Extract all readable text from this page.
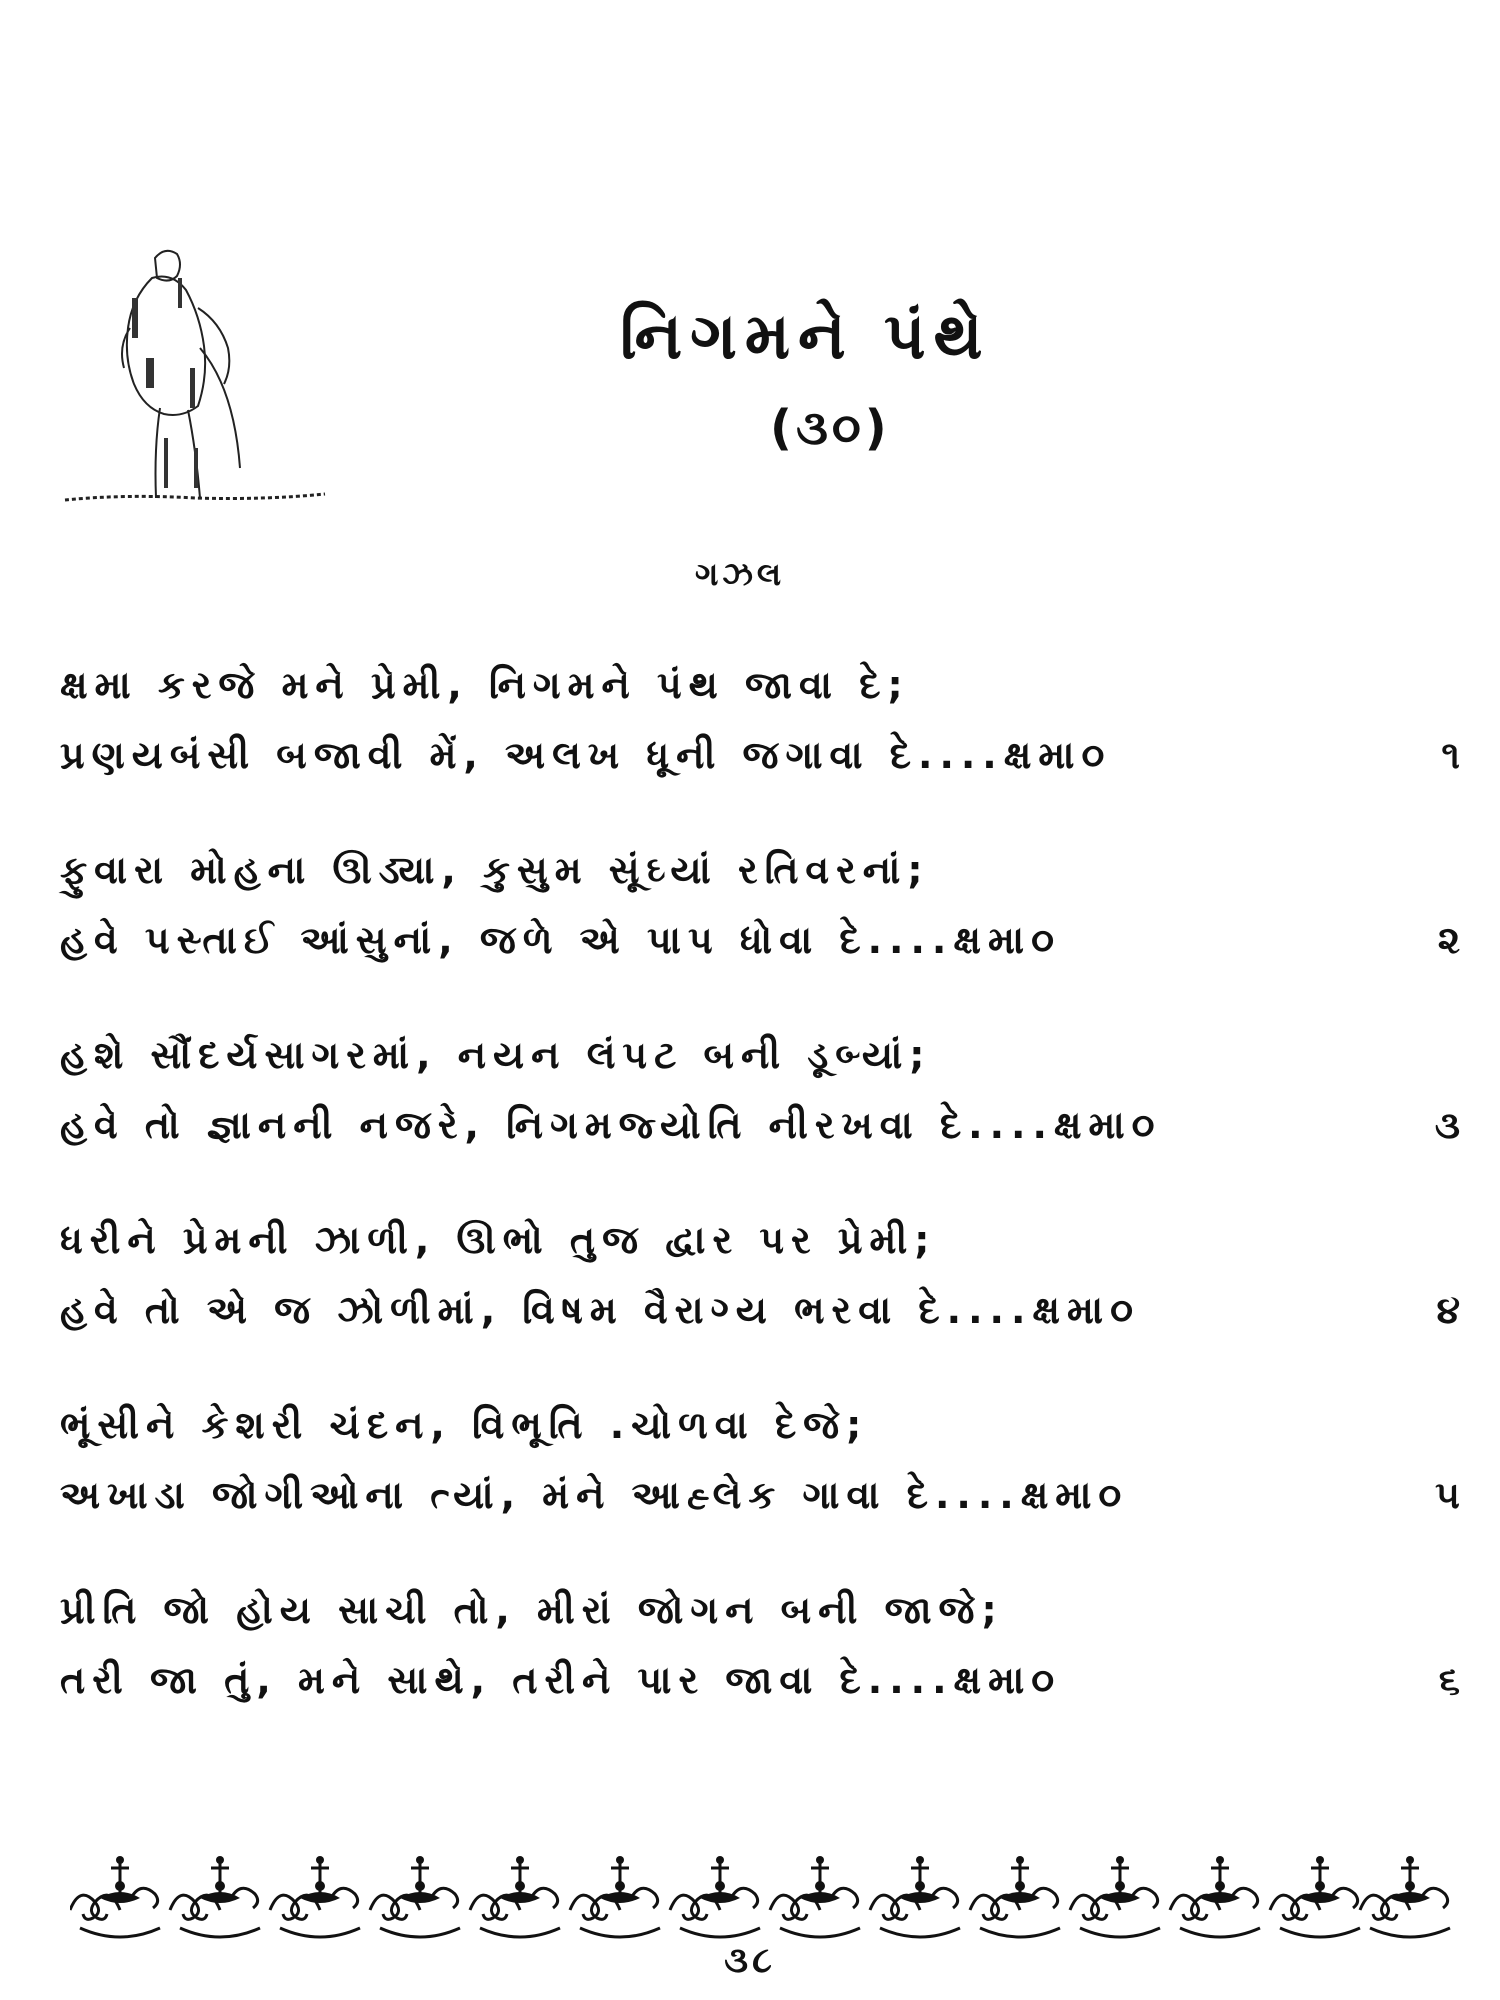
નિગમને પંથે
(૩૦)
ગઝલ
ક્ષમા કરજે મને પ્રેમી, નિગમને પંથ જાવા દે;
પ્રણયબંસી બજાવી મેં, અલખ ધૂની જગાવા દે....ક્ષમા૦	૧
ફુવારા મોહના ઊડ્યા, કુસુમ સૂંઘ્યાં રતિવરનાં;
હવે પસ્તાઈ આંસુનાં, જળે એ પાપ ધોવા દે....ક્ષમા૦	૨
હશે સૌંદર્યસાગરમાં, નયન લંપટ બની ડૂબ્યાં;
હવે તો જ્ઞાનની નજરે, નિગમજ્યોતિ નીરખવા દે....ક્ષમા૦	૩
ધરીને પ્રેમની ઝાળી, ઊભો તુજ દ્વાર પર પ્રેમી;
હવે તો એ જ ઝોળીમાં, વિષમ વૈરાગ્ય ભરવા દે....ક્ષમા૦	૪
ભૂંસીને કેશરી ચંદન, વિભૂતિ .ચોળવા દેજે;
અખાડા જોગીઓના ત્યાં, મંને આહ્લેક ગાવા દે....ક્ષમા૦	૫
પ્રીતિ જો હોય સાચી તો, મીરાં જોગન બની જાજે;
તરી જા તું, મને સાથે, તરીને પાર જાવા દે....ક્ષમા૦	૬
૩૮
